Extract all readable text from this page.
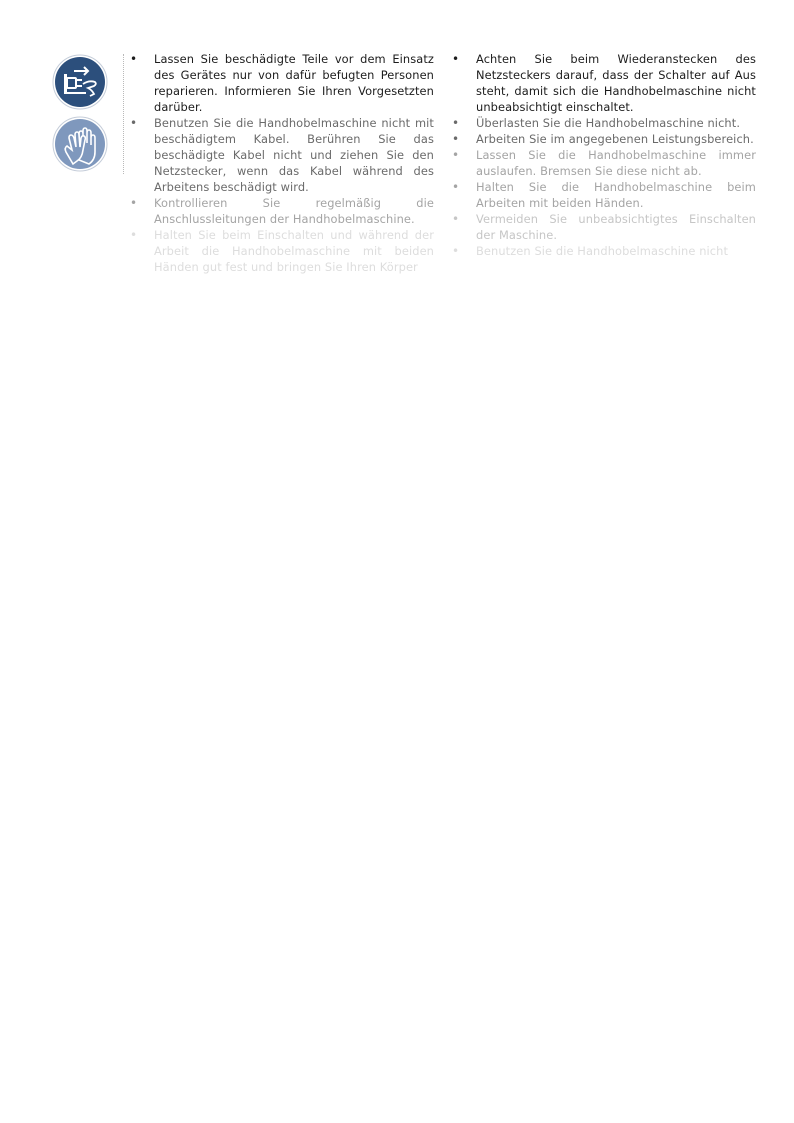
• Lassen Sie beschädigte Teile vor dem Einsatz des Gerätes nur von dafür befugten Personen reparieren. Informieren Sie Ihren Vorgesetzten darüber.
• Benutzen Sie die Handhobelmaschine nicht mit beschädigtem Kabel. Berühren Sie das beschädigte Kabel nicht und ziehen Sie den Netzstecker, wenn das Kabel während des Arbeitens beschädigt wird.
• Kontrollieren Sie regelmäßig die Anschlussleitungen der Handhobelmaschine.
• Halten Sie beim Einschalten und während der Arbeit die Handhobelmaschine mit beiden Händen gut fest und bringen Sie Ihren Körper
• Achten Sie beim Wiederanstecken des Netzsteckers darauf, dass der Schalter auf Aus steht, damit sich die Handhobelmaschine nicht unbeabsichtigt einschaltet.
• Überlasten Sie die Handhobelmaschine nicht.
• Arbeiten Sie im angegebenen Leistungsbereich.
• Lassen Sie die Handhobelmaschine immer auslaufen. Bremsen Sie diese nicht ab.
• Halten Sie die Handhobelmaschine beim Arbeiten mit beiden Händen.
• Vermeiden Sie unbeabsichtigtes Einschalten der Maschine.
• Benutzen Sie die Handhobelmaschine nicht
